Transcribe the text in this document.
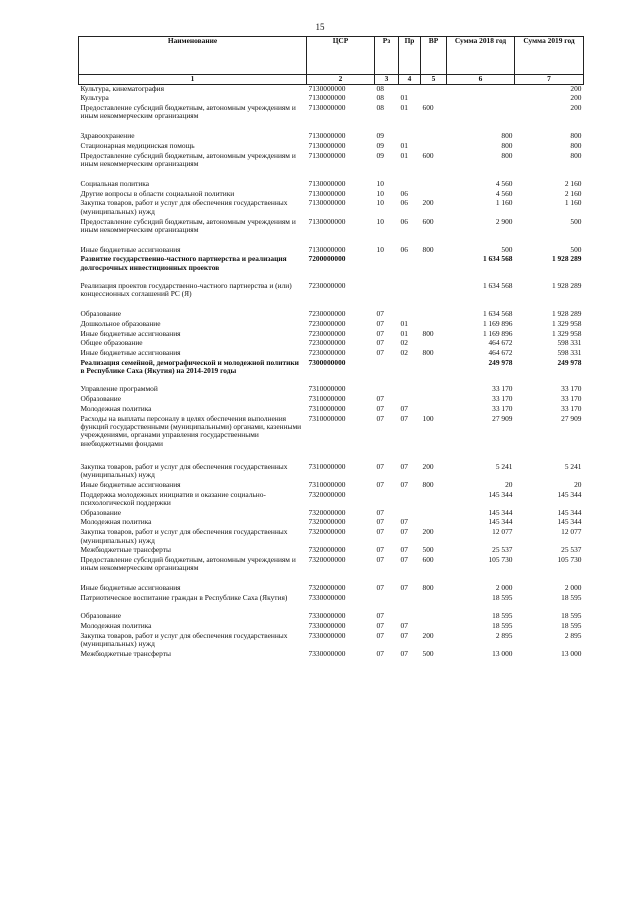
15
Наименование	ЦСР	Рз	Пр	ВР	Сумма 2018 год	Сумма 2019 год
1	2	3	4	5	6	7
Культура, кинематография	7130000000	08				200
Культура	7130000000	08	01			200
Предоставление субсидий бюджетным, автономным учреждениям и иным некоммерческим организациям	7130000000	08	01	600		200

Здравоохранение	7130000000	09			800	800
Стационарная медицинская помощь	7130000000	09	01		800	800
Предоставление субсидий бюджетным, автономным учреждениям и иным некоммерческим организациям	7130000000	09	01	600	800	800

Социальная политика	7130000000	10			4 560	2 160
Другие вопросы в области социальной политики	7130000000	10	06		4 560	2 160
Закупка товаров, работ и услуг для обеспечения государственных (муниципальных) нужд	7130000000	10	06	200	1 160	1 160
Предоставление субсидий бюджетным, автономным учреждениям и иным некоммерческим организациям	7130000000	10	06	600	2 900	500

Иные бюджетные ассигнования	7130000000	10	06	800	500	500
Развитие государственно-частного партнерства и реализация долгосрочных инвестиционных проектов	7200000000				1 634 568	1 928 289
Реализация проектов государственно-частного партнерства и (или) концессионных соглашений РС (Я)	7230000000				1 634 568	1 928 289

Образование	7230000000	07			1 634 568	1 928 289
Дошкольное образование	7230000000	07	01		1 169 896	1 329 958
Иные бюджетные ассигнования	7230000000	07	01	800	1 169 896	1 329 958
Общее образование	7230000000	07	02		464 672	598 331
Иные бюджетные ассигнования	7230000000	07	02	800	464 672	598 331
Реализация семейной, демографической и молодежной политики в Республике Саха (Якутия) на 2014-2019 годы	7300000000				249 978	249 978
Управление программой	7310000000				33 170	33 170
Образование	7310000000	07			33 170	33 170
Молодежная политика	7310000000	07	07		33 170	33 170
Расходы на выплаты персоналу в целях обеспечения выполнения функций государственными (муниципальными) органами, казенными учреждениями, органами управления государственными внебюджетными фондами	7310000000	07	07	100	27 909	27 909

Закупка товаров, работ и услуг для обеспечения государственных (муниципальных) нужд	7310000000	07	07	200	5 241	5 241
Иные бюджетные ассигнования	7310000000	07	07	800	20	20
Поддержка молодежных инициатив и оказание социально-психологической поддержки	7320000000				145 344	145 344
Образование	7320000000	07			145 344	145 344
Молодежная политика	7320000000	07	07		145 344	145 344
Закупка товаров, работ и услуг для обеспечения государственных (муниципальных) нужд	7320000000	07	07	200	12 077	12 077
Межбюджетные трансферты	7320000000	07	07	500	25 537	25 537
Предоставление субсидий бюджетным, автономным учреждениям и иным некоммерческим организациям	7320000000	07	07	600	105 730	105 730

Иные бюджетные ассигнования	7320000000	07	07	800	2 000	2 000
Патриотическое воспитание граждан в Республике Саха (Якутия)	7330000000				18 595	18 595
Образование	7330000000	07			18 595	18 595
Молодежная политика	7330000000	07	07		18 595	18 595
Закупка товаров, работ и услуг для обеспечения государственных (муниципальных) нужд	7330000000	07	07	200	2 895	2 895
Межбюджетные трансферты	7330000000	07	07	500	13 000	13 000
